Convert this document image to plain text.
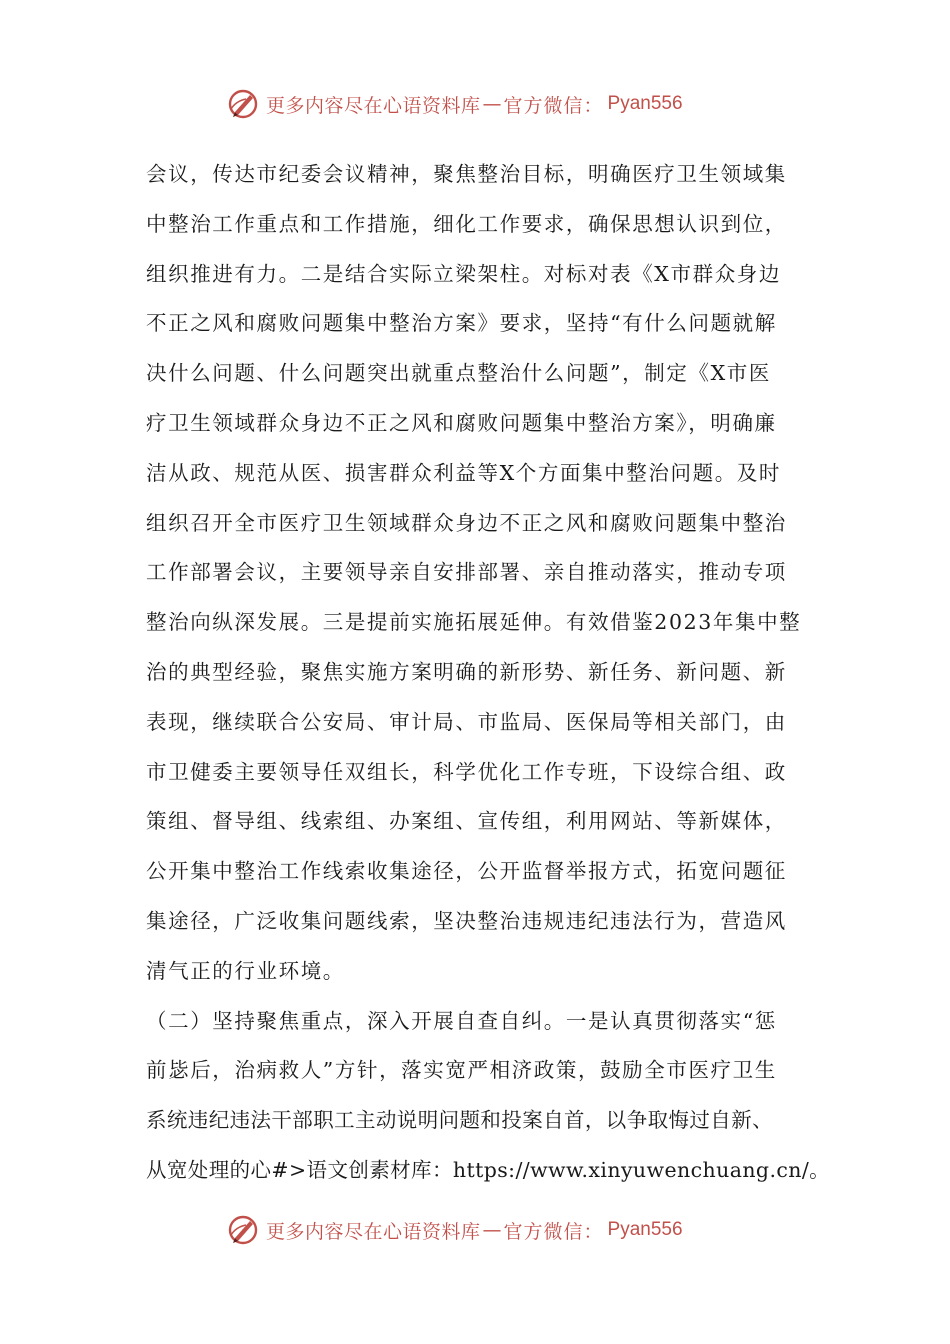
更多内容尽在心语资料库 — 官方微信： Pyan556
会议，传达市纪委会议精神，聚焦整治目标，明确医疗卫生领域集
中整治工作重点和工作措施，细化工作要求，确保思想认识到位，
组织推进有力。二是结合实际立梁架柱。对标对表《X市群众身边
不正之风和腐败问题集中整治方案》要求，坚持“有什么问题就解
决什么问题、什么问题突出就重点整治什么问题”，制定《X市医
疗卫生领域群众身边不正之风和腐败问题集中整治方案》，明确廉
洁从政、规范从医、损害群众利益等X个方面集中整治问题。及时
组织召开全市医疗卫生领域群众身边不正之风和腐败问题集中整治
工作部署会议，主要领导亲自安排部署、亲自推动落实，推动专项
整治向纵深发展。三是提前实施拓展延伸。有效借鉴2023年集中整
治的典型经验，聚焦实施方案明确的新形势、新任务、新问题、新
表现，继续联合公安局、审计局、市监局、医保局等相关部门，由
市卫健委主要领导任双组长，科学优化工作专班，下设综合组、政
策组、督导组、线索组、办案组、宣传组，利用网站、等新媒体，
公开集中整治工作线索收集途径，公开监督举报方式，拓宽问题征
集途径，广泛收集问题线索，坚决整治违规违纪违法行为，营造风
清气正的行业环境。
（二）坚持聚焦重点，深入开展自查自纠。一是认真贯彻落实“惩
前毖后，治病救人”方针，落实宽严相济政策，鼓励全市医疗卫生
系统违纪违法干部职工主动说明问题和投案自首，以争取悔过自新、
从宽处理的心#>语文创素材库：https://www.xinyuwenchuang.cn/。
更多内容尽在心语资料库 — 官方微信： Pyan556
